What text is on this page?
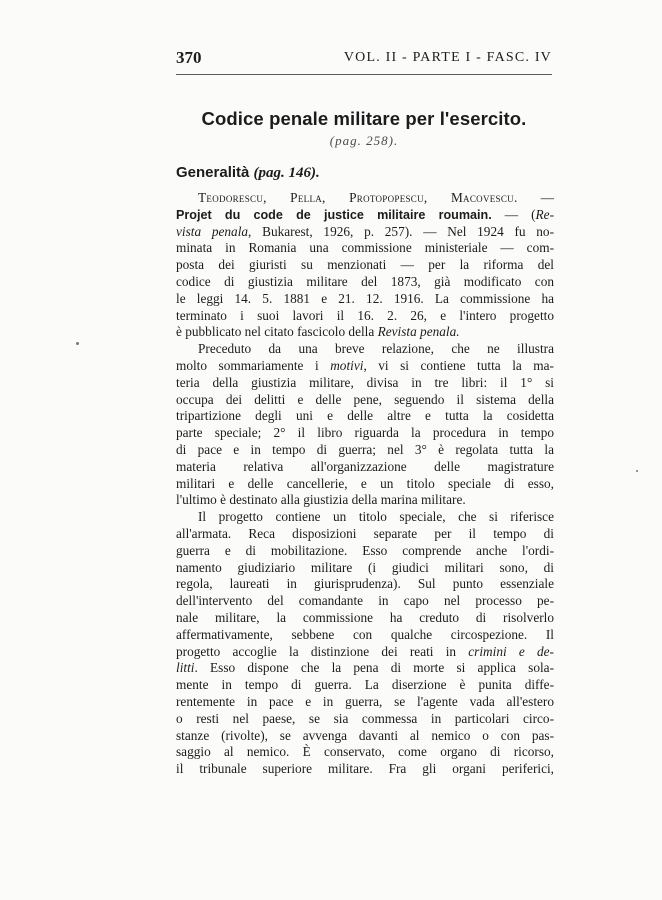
370	VOL. II - PARTE I - FASC. IV
Codice penale militare per l'esercito.
(pag. 258).
Generalità (pag. 146).
Teodorescu, Pella, Protopopescu, Macovescu. —
Projet du code de justice militaire roumain. — (Re-
vista penala, Bukarest, 1926, p. 257). — Nel 1924 fu no-
minata in Romania una commissione ministeriale — com-
posta dei giuristi su menzionati — per la riforma del
codice di giustizia militare del 1873, già modificato con
le leggi 14. 5. 1881 e 21. 12. 1916. La commissione ha
terminato i suoi lavori il 16. 2. 26, e l'intero progetto
è pubblicato nel citato fascicolo della Revista penala.
Preceduto da una breve relazione, che ne illustra
molto sommariamente i motivi, vi si contiene tutta la ma-
teria della giustizia militare, divisa in tre libri: il 1° si
occupa dei delitti e delle pene, seguendo il sistema della
tripartizione degli uni e delle altre e tutta la cosidetta
parte speciale; 2° il libro riguarda la procedura in tempo
di pace e in tempo di guerra; nel 3° è regolata tutta la
materia relativa all'organizzazione delle magistrature
militari e delle cancellerie, e un titolo speciale di esso,
l'ultimo è destinato alla giustizia della marina militare.
Il progetto contiene un titolo speciale, che si riferisce
all'armata. Reca disposizioni separate per il tempo di
guerra e di mobilitazione. Esso comprende anche l'ordi-
namento giudiziario militare (i giudici militari sono, di
regola, laureati in giurisprudenza). Sul punto essenziale
dell'intervento del comandante in capo nel processo pe-
nale militare, la commissione ha creduto di risolverlo
affermativamente, sebbene con qualche circospezione. Il
progetto accoglie la distinzione dei reati in crimini e de-
litti. Esso dispone che la pena di morte si applica sola-
mente in tempo di guerra. La diserzione è punita diffe-
rentemente in pace e in guerra, se l'agente vada all'estero
o resti nel paese, se sia commessa in particolari circo-
stanze (rivolte), se avvenga davanti al nemico o con pas-
saggio al nemico. È conservato, come organo di ricorso,
il tribunale superiore militare. Fra gli organi periferici,
